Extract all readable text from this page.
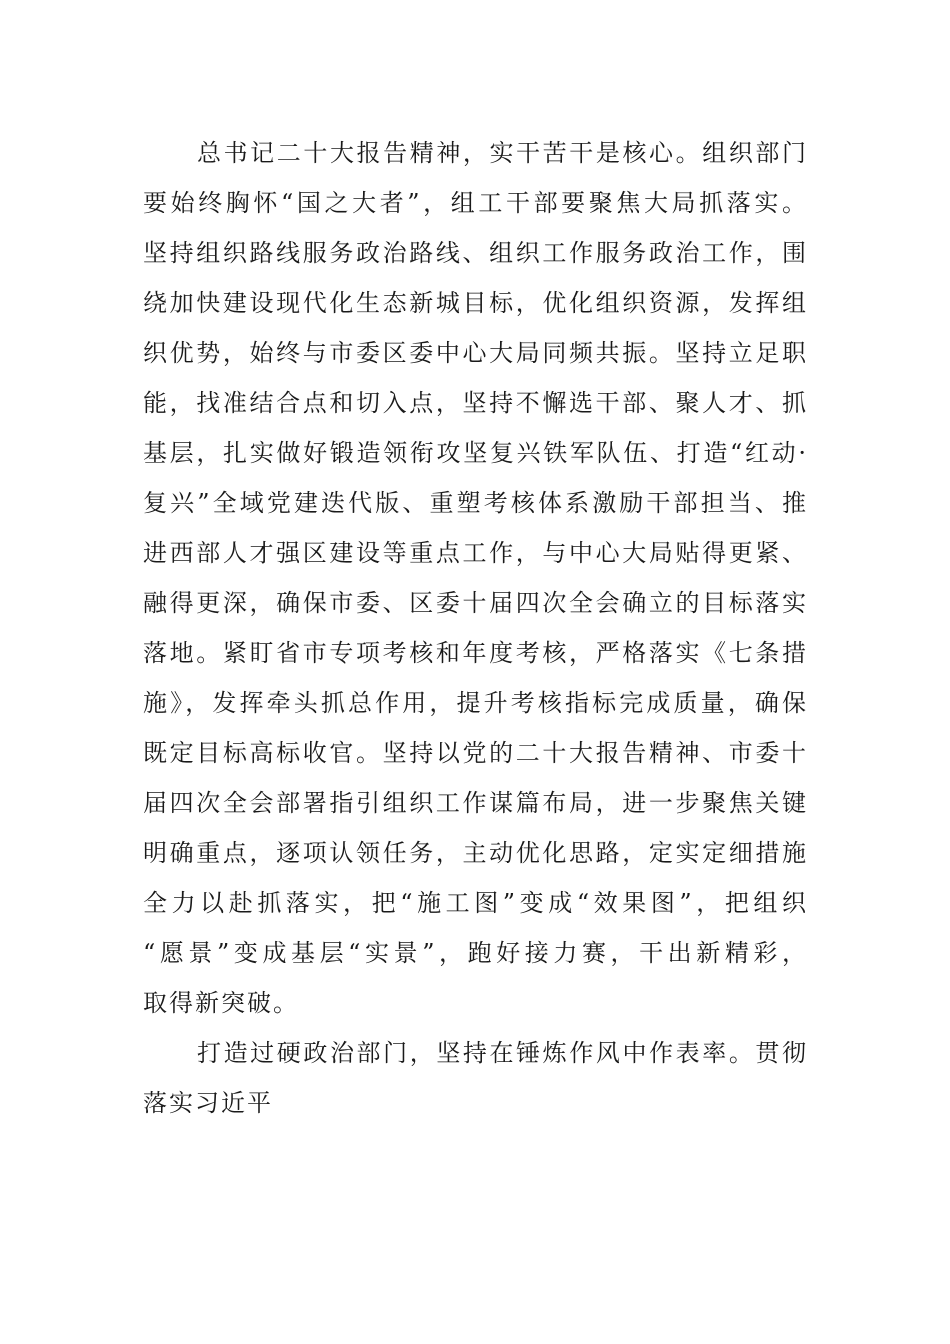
总书记二十大报告精神，实干苦干是核心。组织部门
要始终胸怀“国之大者”，组工干部要聚焦大局抓落实。
坚持组织路线服务政治路线、组织工作服务政治工作，围
绕加快建设现代化生态新城目标，优化组织资源，发挥组
织优势，始终与市委区委中心大局同频共振。坚持立足职
能，找准结合点和切入点，坚持不懈选干部、聚人才、抓
基层，扎实做好锻造领衔攻坚复兴铁军队伍、打造“红动·
复兴”全域党建迭代版、重塑考核体系激励干部担当、推
进西部人才强区建设等重点工作，与中心大局贴得更紧、
融得更深，确保市委、区委十届四次全会确立的目标落实
落地。紧盯省市专项考核和年度考核，严格落实《七条措
施》，发挥牵头抓总作用，提升考核指标完成质量，确保
既定目标高标收官。坚持以党的二十大报告精神、市委十
届四次全会部署指引组织工作谋篇布局，进一步聚焦关键
明确重点，逐项认领任务，主动优化思路，定实定细措施
全力以赴抓落实，把“施工图”变成“效果图”，把组织
“愿景”变成基层“实景”，跑好接力赛，干出新精彩，
取得新突破。
打造过硬政治部门，坚持在锤炼作风中作表率。贯彻
落实习近平
